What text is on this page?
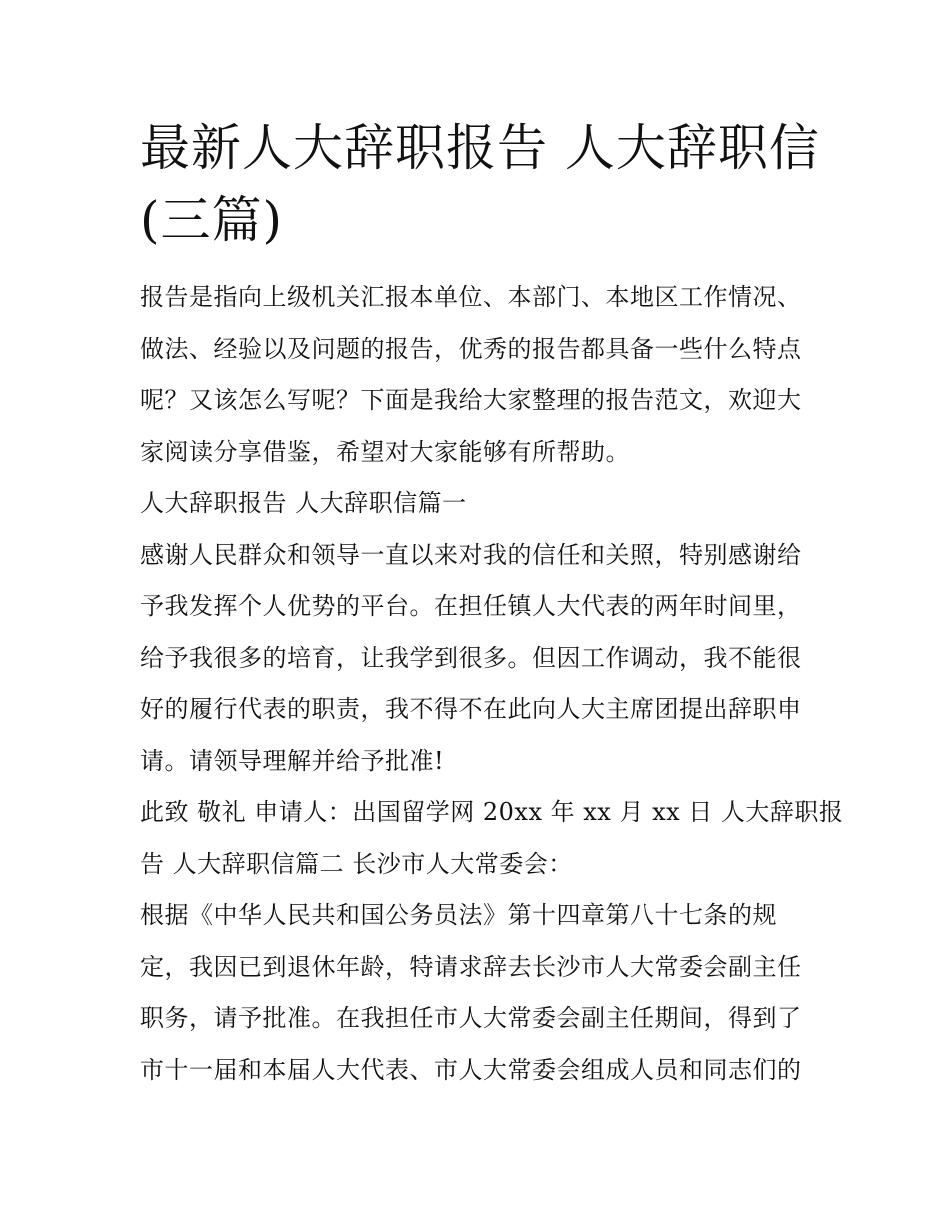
最新人大辞职报告 人大辞职信
(三篇)
报告是指向上级机关汇报本单位、本部门、本地区工作情况、
做法、经验以及问题的报告，优秀的报告都具备一些什么特点
呢？又该怎么写呢？下面是我给大家整理的报告范文，欢迎大
家阅读分享借鉴，希望对大家能够有所帮助。
人大辞职报告 人大辞职信篇一
感谢人民群众和领导一直以来对我的信任和关照，特别感谢给
予我发挥个人优势的平台。在担任镇人大代表的两年时间里，
给予我很多的培育，让我学到很多。但因工作调动，我不能很
好的履行代表的职责，我不得不在此向人大主席团提出辞职申
请。请领导理解并给予批准!
此致 敬礼 申请人：出国留学网 20xx 年 xx 月 xx 日 人大辞职报
告 人大辞职信篇二 长沙市人大常委会：
根据《中华人民共和国公务员法》第十四章第八十七条的规
定，我因已到退休年龄，特请求辞去长沙市人大常委会副主任
职务，请予批准。在我担任市人大常委会副主任期间，得到了
市十一届和本届人大代表、市人大常委会组成人员和同志们的
